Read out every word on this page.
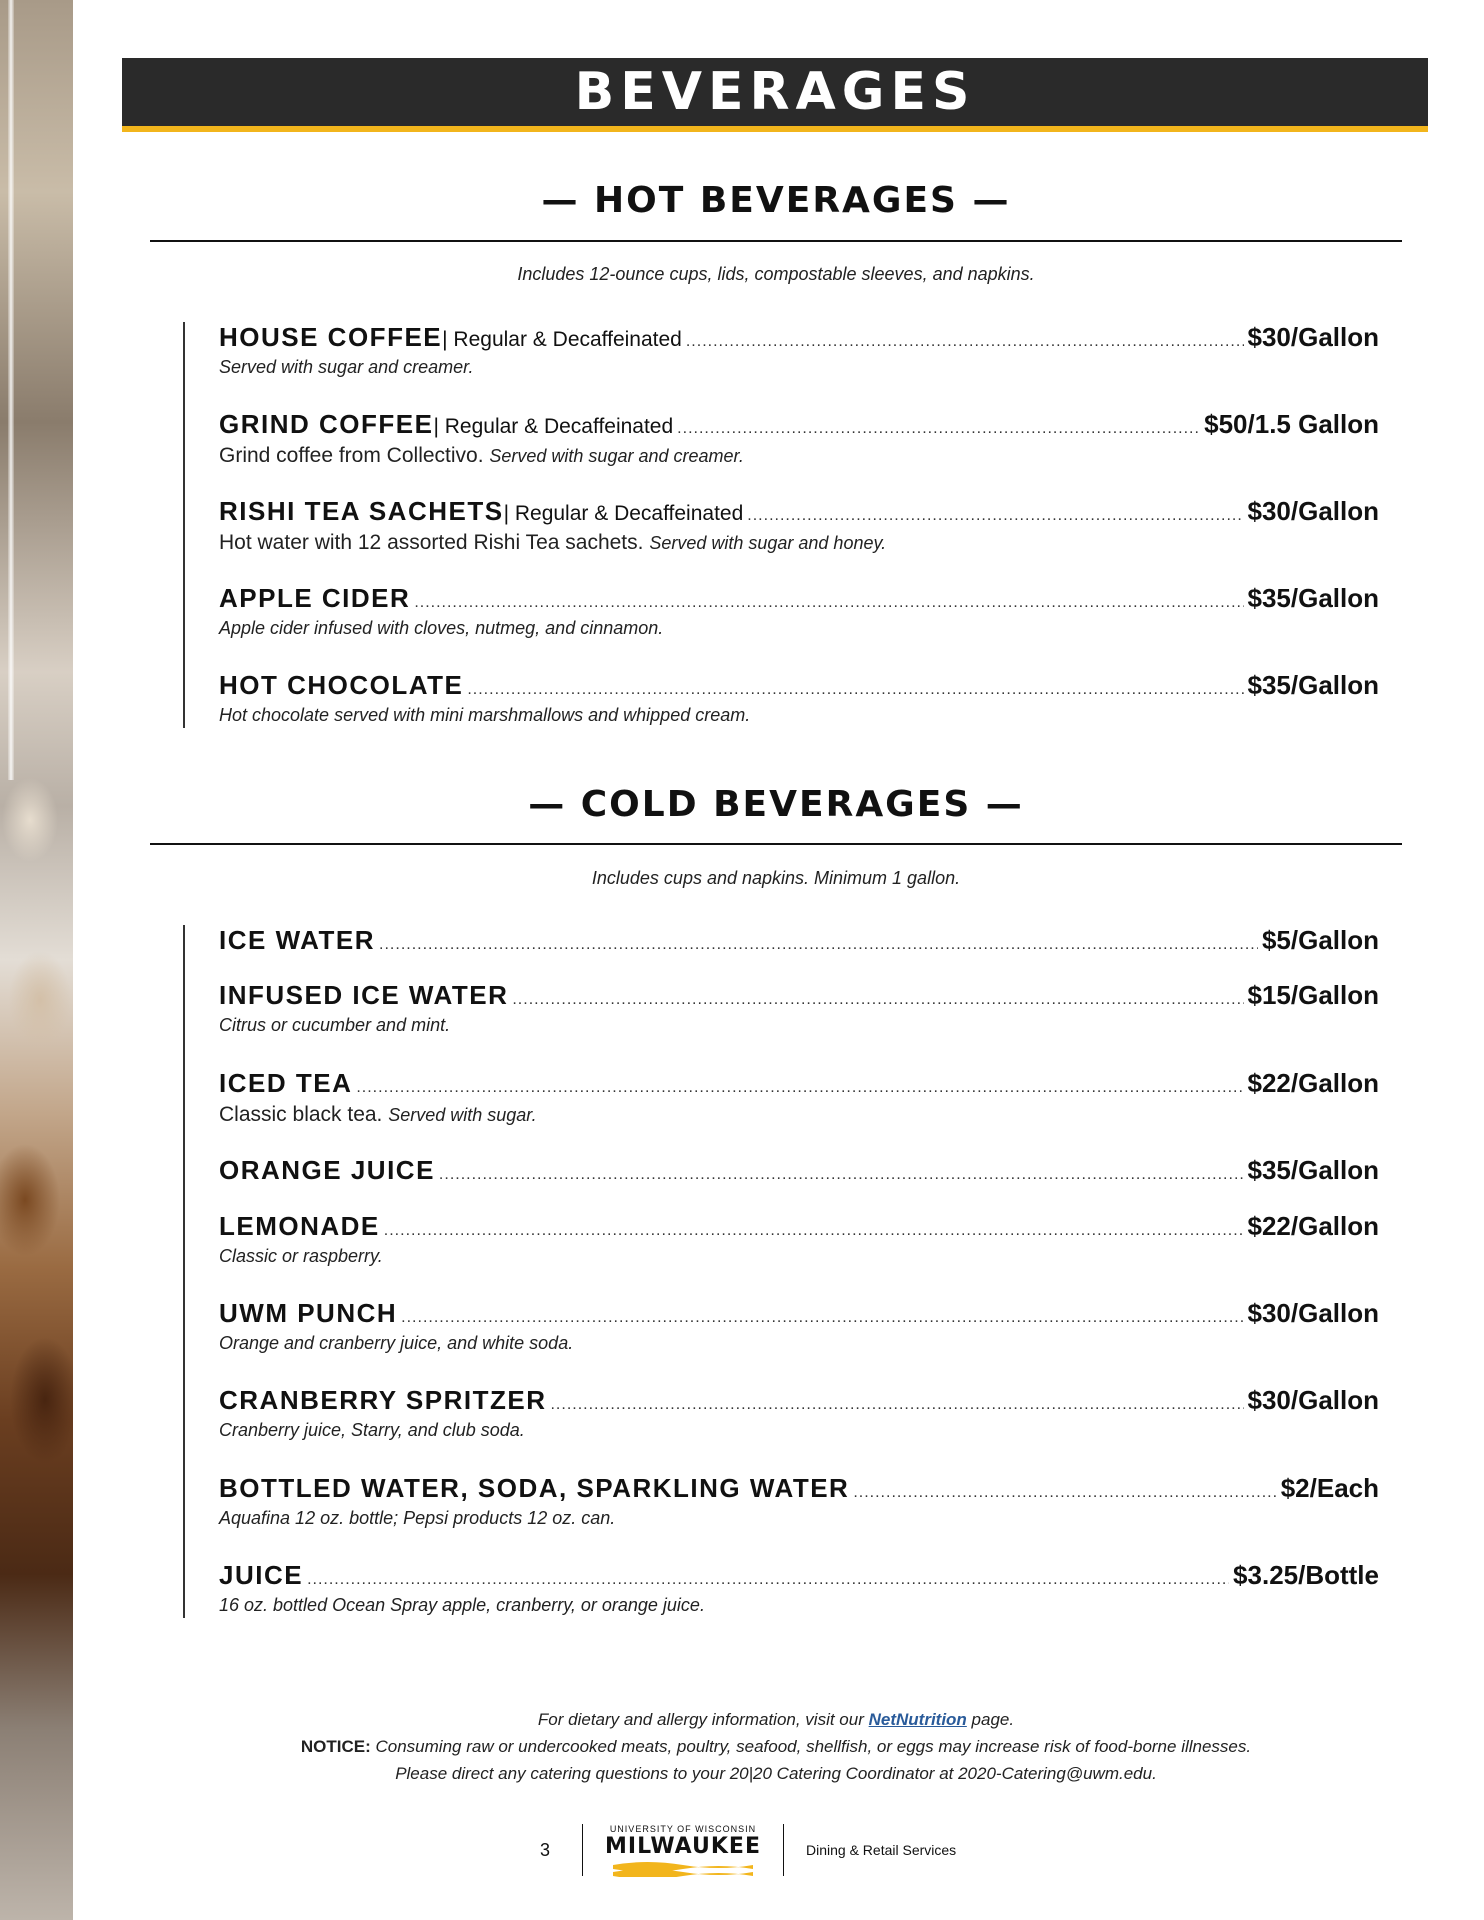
BEVERAGES
— HOT BEVERAGES —
Includes 12-ounce cups, lids, compostable sleeves, and napkins.
HOUSE COFFEE | Regular & Decaffeinated .....	$30/Gallon
Served with sugar and creamer.
GRIND COFFEE | Regular & Decaffeinated .....	$50/1.5 Gallon
Grind coffee from Collectivo. Served with sugar and creamer.
RISHI TEA SACHETS | Regular & Decaffeinated .....	$30/Gallon
Hot water with 12 assorted Rishi Tea sachets. Served with sugar and honey.
APPLE CIDER .....	$35/Gallon
Apple cider infused with cloves, nutmeg, and cinnamon.
HOT CHOCOLATE .....	$35/Gallon
Hot chocolate served with mini marshmallows and whipped cream.
— COLD BEVERAGES —
Includes cups and napkins. Minimum 1 gallon.
ICE WATER .....	$5/Gallon
INFUSED ICE WATER .....	$15/Gallon
Citrus or cucumber and mint.
ICED TEA .....	$22/Gallon
Classic black tea. Served with sugar.
ORANGE JUICE .....	$35/Gallon
LEMONADE .....	$22/Gallon
Classic or raspberry.
UWM PUNCH .....	$30/Gallon
Orange and cranberry juice, and white soda.
CRANBERRY SPRITZER .....	$30/Gallon
Cranberry juice, Starry, and club soda.
BOTTLED WATER, SODA, SPARKLING WATER .....	$2/Each
Aquafina 12 oz. bottle; Pepsi products 12 oz. can.
JUICE .....	$3.25/Bottle
16 oz. bottled Ocean Spray apple, cranberry, or orange juice.
For dietary and allergy information, visit our NetNutrition page.
NOTICE: Consuming raw or undercooked meats, poultry, seafood, shellfish, or eggs may increase risk of food-borne illnesses.
Please direct any catering questions to your 20|20 Catering Coordinator at 2020-Catering@uwm.edu.
3
UNIVERSITY OF WISCONSIN
MILWAUKEE	Dining & Retail Services
